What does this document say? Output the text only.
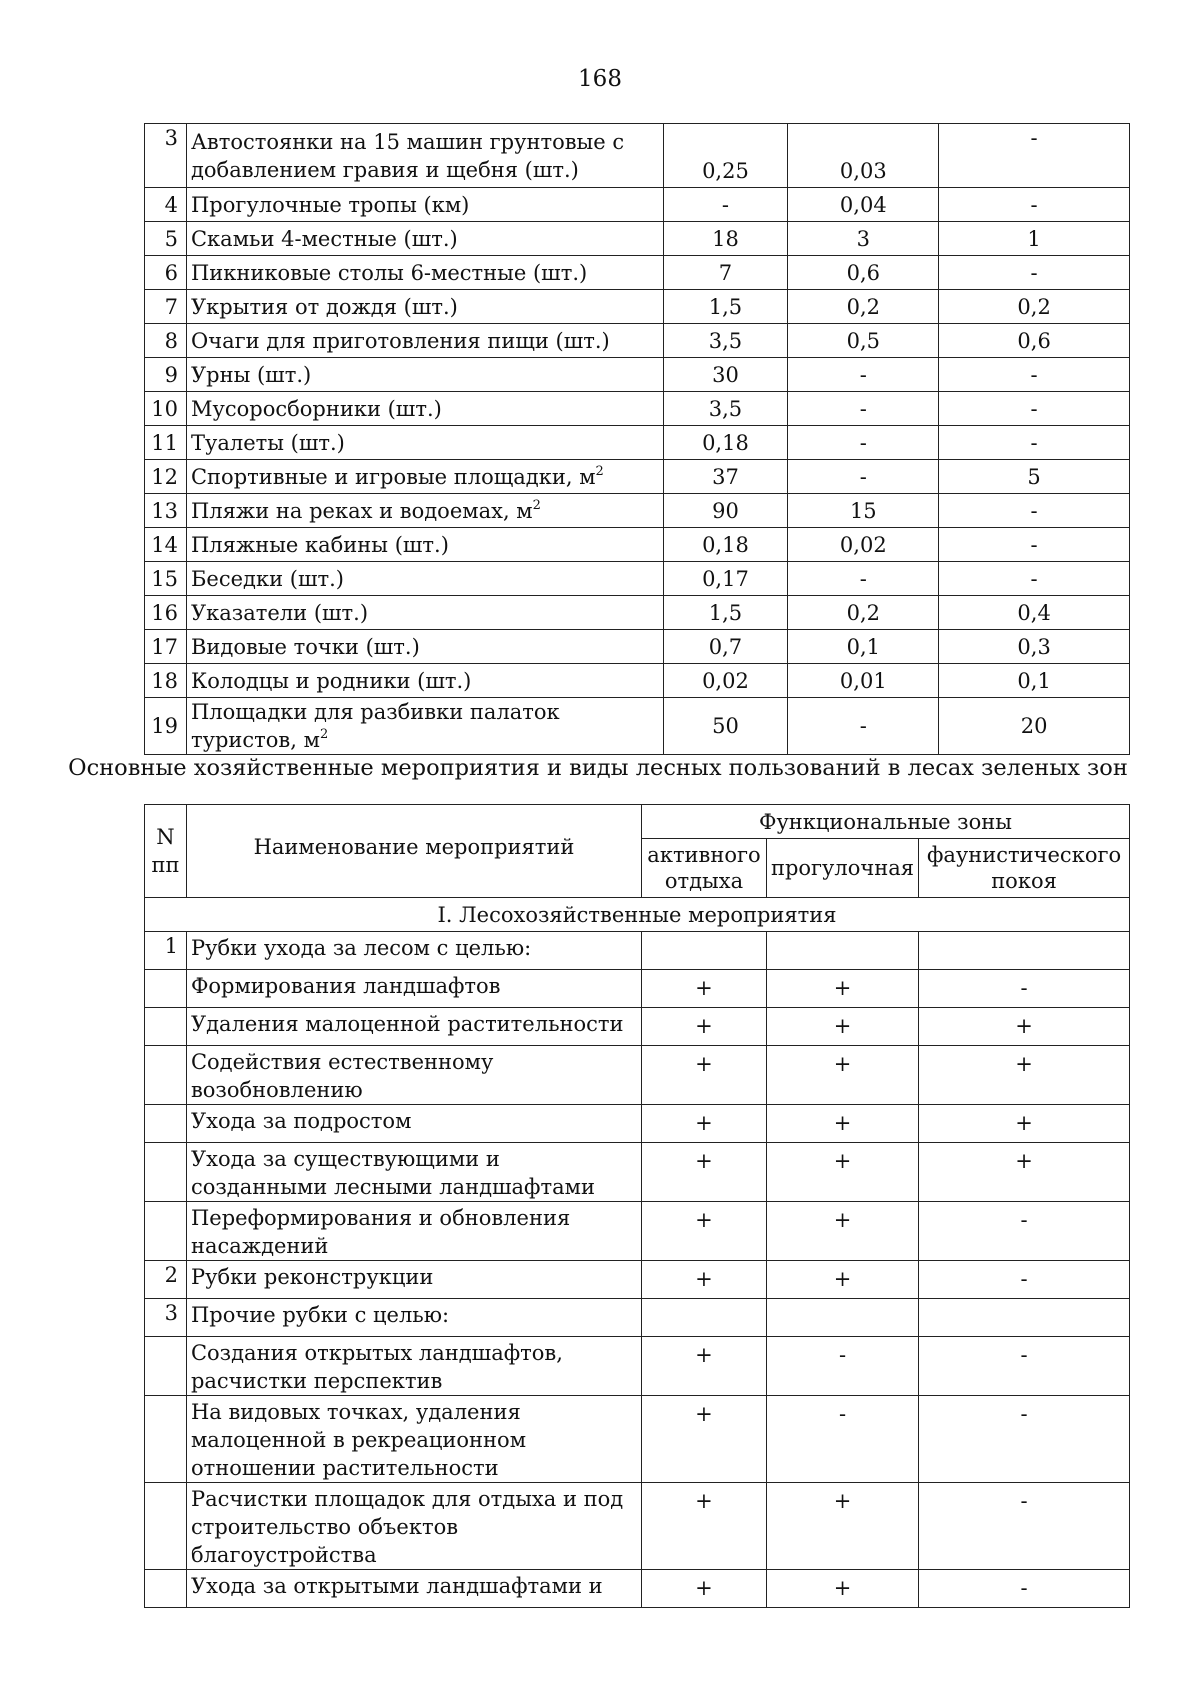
168
3	Автостоянки на 15 машин грунтовые с добавлением гравия и щебня (шт.)	0,25	0,03	-
4	Прогулочные тропы (км)	-	0,04	-
5	Скамьи 4-местные (шт.)	18	3	1
6	Пикниковые столы 6-местные (шт.)	7	0,6	-
7	Укрытия от дождя (шт.)	1,5	0,2	0,2
8	Очаги для приготовления пищи (шт.)	3,5	0,5	0,6
9	Урны (шт.)	30	-	-
10	Мусоросборники (шт.)	3,5	-	-
11	Туалеты (шт.)	0,18	-	-
12	Спортивные и игровые площадки, $м^2$	37	-	5
13	Пляжи на реках и водоемах, $м^2$	90	15	-
14	Пляжные кабины (шт.)	0,18	0,02	-
15	Беседки (шт.)	0,17	-	-
16	Указатели (шт.)	1,5	0,2	0,4
17	Видовые точки (шт.)	0,7	0,1	0,3
18	Колодцы и родники (шт.)	0,02	0,01	0,1
19	Площадки для разбивки палаток туристов, $м^2$	50	-	20
Основные хозяйственные мероприятия и виды лесных пользований в лесах зеленых зон
N пп	Наименование мероприятий	Функциональные зоны		
		активного отдыха	прогулочная	фаунистического покоя
I. Лесохозяйственные мероприятия				
1	Рубки ухода за лесом с целью:			
	Формирования ландшафтов	+	+	-
	Удаления малоценной растительности	+	+	+
	Содействия естественному возобновлению	+	+	+
	Ухода за подростом	+	+	+
	Ухода за существующими и созданными лесными ландшафтами	+	+	+
	Переформирования и обновления насаждений	+	+	-
2	Рубки реконструкции	+	+	-
3	Прочие рубки с целью:			
	Создания открытых ландшафтов, расчистки перспектив	+	-	-
	На видовых точках, удаления малоценной в рекреационном отношении растительности	+	-	-
	Расчистки площадок для отдыха и под строительство объектов благоустройства	+	+	-
	Ухода за открытыми ландшафтами и	+	+	-
